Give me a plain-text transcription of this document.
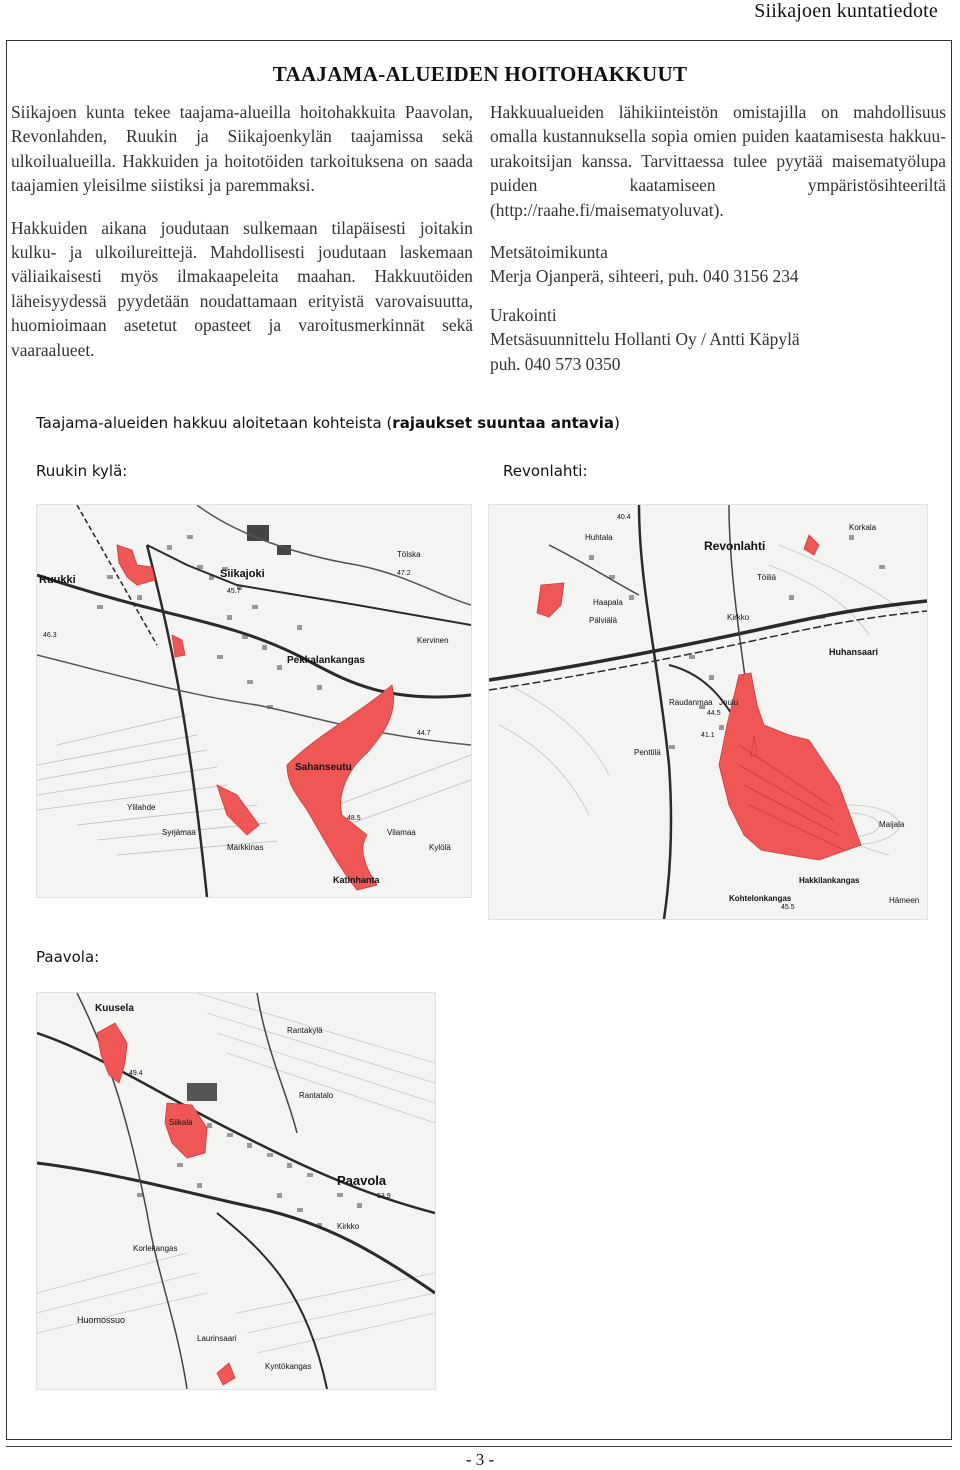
Siikajoen kuntatiedote
TAAJAMA-ALUEIDEN HOITOHAKKUUT

Siikajoen kunta tekee taajama-alueilla hoitohakkuita Paavolan, Revonlahden, Ruukin ja Siikajoenkylän taajamissa sekä ulkoilualueilla. Hakkuiden ja hoitotöiden tarkoituksena on saada taajamien yleisilme siistiksi ja paremmaksi.

Hakkuiden aikana joudutaan sulkemaan tilapäisesti joitakin kulku- ja ulkoilureittejä. Mahdollisesti joudutaan laskemaan väliaikaisesti myös ilmakaapeleita maahan. Hakkuutöiden läheisyydessä pyydetään noudattamaan erityistä varovaisuutta, huomioimaan asetetut opasteet ja varoitusmerkinnät sekä vaaraalueet.

Hakkuualueiden lähikiinteistön omistajilla on mahdollisuus omalla kustannuksella sopia omien puiden kaatamisesta hakkuu-urakoitsijan kanssa. Tarvittaessa tulee pyytää maisematyölupa puiden kaatamiseen ympäristösihteeriltä (http://raahe.fi/maisematyoluvat).

Metsätoimikunta
Merja Ojanperä, sihteeri, puh. 040 3156 234
Urakointi
Metsäsuunnittelu Hollanti Oy / Antti Käpylä
puh. 040 573 0350
Taajama-alueiden hakkuu aloitetaan kohteista (rajaukset suuntaa antavia)
Ruukin kylä:
Ruukki	Siikajoki
Pekkalankangas
Sahanseutu
Katinhanta
Kervinen
Tölska
Syrjämaa	Vilamaa
Kylölä
Ylilahde
Markkinas
46.3
45.7
48.5
47.2
44.7
Revonlahti:
Revonlahti
Huhtala
Pälviälä
Haapala
Huhansaari
Kohtelonkangas
Hakkilankangas
Raudanmaa Joulu
Penttilä
Korkala
Töiliä
Kirkko
Hämeen
Maijala
40.4
44.5
41.1
45.5
Paavola:
Kuusela
Paavola
Rantatalo
Siikala
Korlekangas
Huomossuo
Laurinsaari
Kyntökangas
Kirkko
Rantakylä
49.4
53.9
- 3 -
